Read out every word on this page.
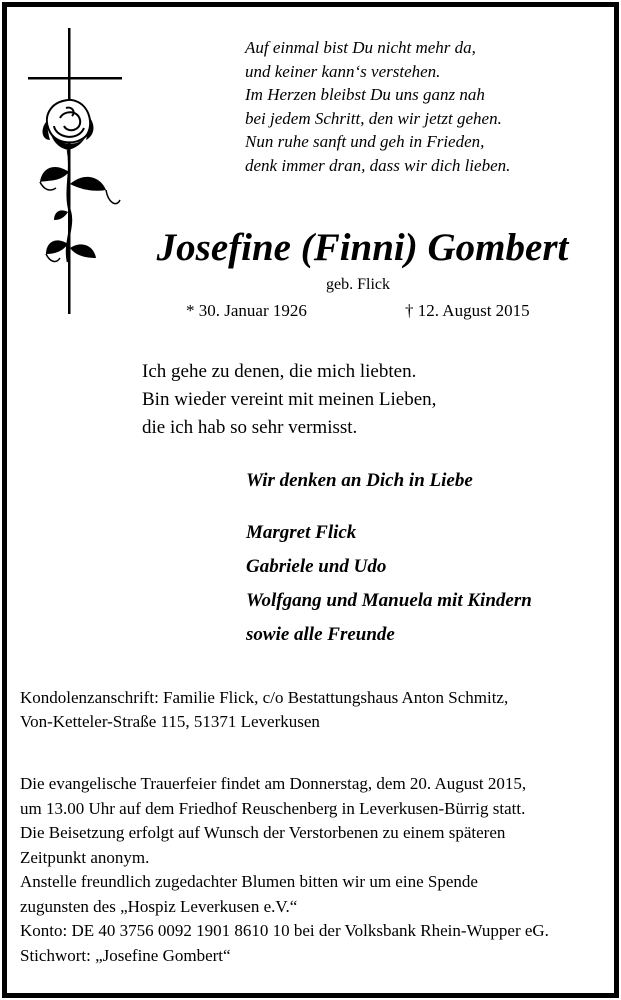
Auf einmal bist Du nicht mehr da,
und keiner kann‘s verstehen.
Im Herzen bleibst Du uns ganz nah
bei jedem Schritt, den wir jetzt gehen.
Nun ruhe sanft und geh in Frieden,
denk immer dran, dass wir dich lieben.
Josefine (Finni) Gombert
geb. Flick
* 30. Januar 1926	† 12. August 2015
Ich gehe zu denen, die mich liebten.
Bin wieder vereint mit meinen Lieben,
die ich hab so sehr vermisst.
Wir denken an Dich in Liebe
Margret Flick
Gabriele und Udo
Wolfgang und Manuela mit Kindern
sowie alle Freunde
Kondolenzanschrift: Familie Flick, c/o Bestattungshaus Anton Schmitz,
Von-Ketteler-Straße 115, 51371 Leverkusen
Die evangelische Trauerfeier findet am Donnerstag, dem 20. August 2015,
um 13.00 Uhr auf dem Friedhof Reuschenberg in Leverkusen-Bürrig statt.
Die Beisetzung erfolgt auf Wunsch der Verstorbenen zu einem späteren
Zeitpunkt anonym.
Anstelle freundlich zugedachter Blumen bitten wir um eine Spende
zugunsten des „Hospiz Leverkusen e.V.“
Konto: DE 40 3756 0092 1901 8610 10 bei der Volksbank Rhein-Wupper eG.
Stichwort: „Josefine Gombert“
